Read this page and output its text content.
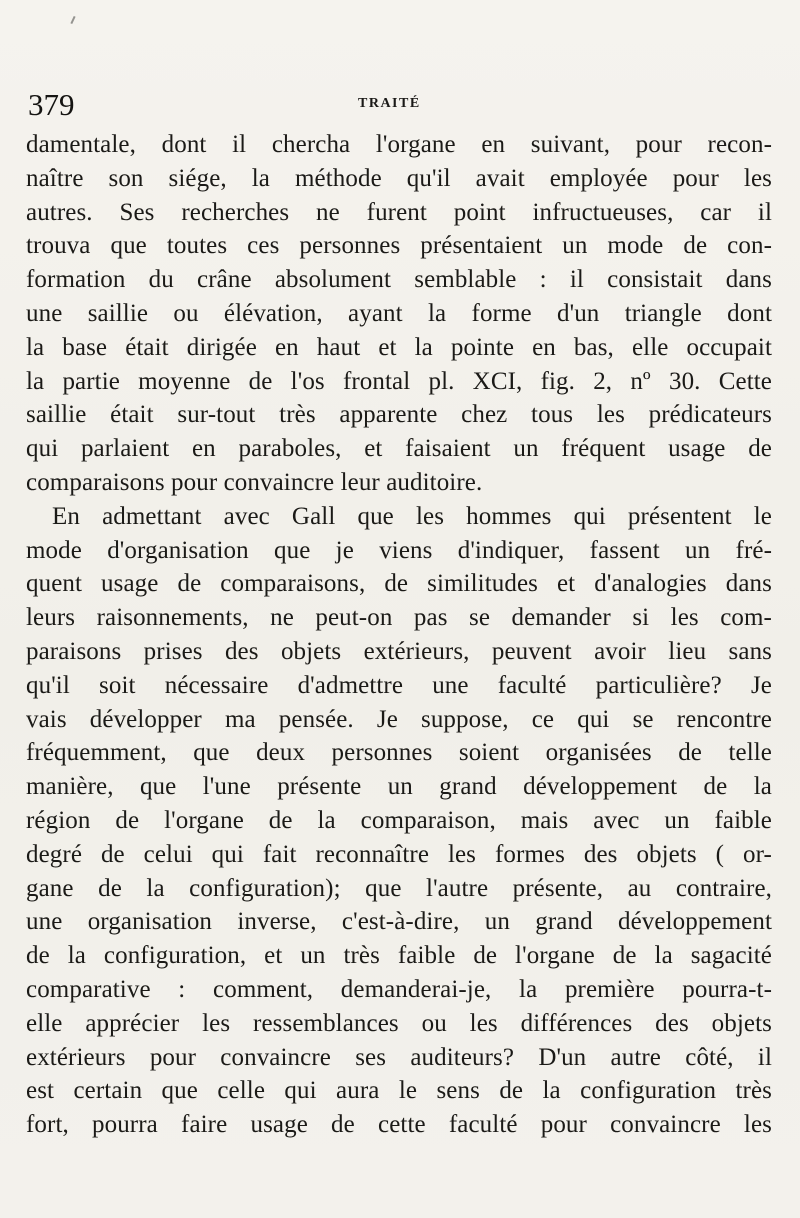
379	TRAITÉ
damentale, dont il chercha l'organe en suivant, pour recon-
naître son siége, la méthode qu'il avait employée pour les
autres. Ses recherches ne furent point infructueuses, car il
trouva que toutes ces personnes présentaient un mode de con-
formation du crâne absolument semblable : il consistait dans
une saillie ou élévation, ayant la forme d'un triangle dont
la base était dirigée en haut et la pointe en bas, elle occupait
la partie moyenne de l'os frontal pl. XCI, fig. 2, nº 30. Cette
saillie était sur-tout très apparente chez tous les prédicateurs
qui parlaient en paraboles, et faisaient un fréquent usage de
comparaisons pour convaincre leur auditoire.
En admettant avec Gall que les hommes qui présentent le
mode d'organisation que je viens d'indiquer, fassent un fré-
quent usage de comparaisons, de similitudes et d'analogies dans
leurs raisonnements, ne peut-on pas se demander si les com-
paraisons prises des objets extérieurs, peuvent avoir lieu sans
qu'il soit nécessaire d'admettre une faculté particulière? Je
vais développer ma pensée. Je suppose, ce qui se rencontre
fréquemment, que deux personnes soient organisées de telle
manière, que l'une présente un grand développement de la
région de l'organe de la comparaison, mais avec un faible
degré de celui qui fait reconnaître les formes des objets ( or-
gane de la configuration); que l'autre présente, au contraire,
une organisation inverse, c'est-à-dire, un grand développement
de la configuration, et un très faible de l'organe de la sagacité
comparative : comment, demanderai-je, la première pourra-t-
elle apprécier les ressemblances ou les différences des objets
extérieurs pour convaincre ses auditeurs? D'un autre côté, il
est certain que celle qui aura le sens de la configuration très
fort, pourra faire usage de cette faculté pour convaincre les
